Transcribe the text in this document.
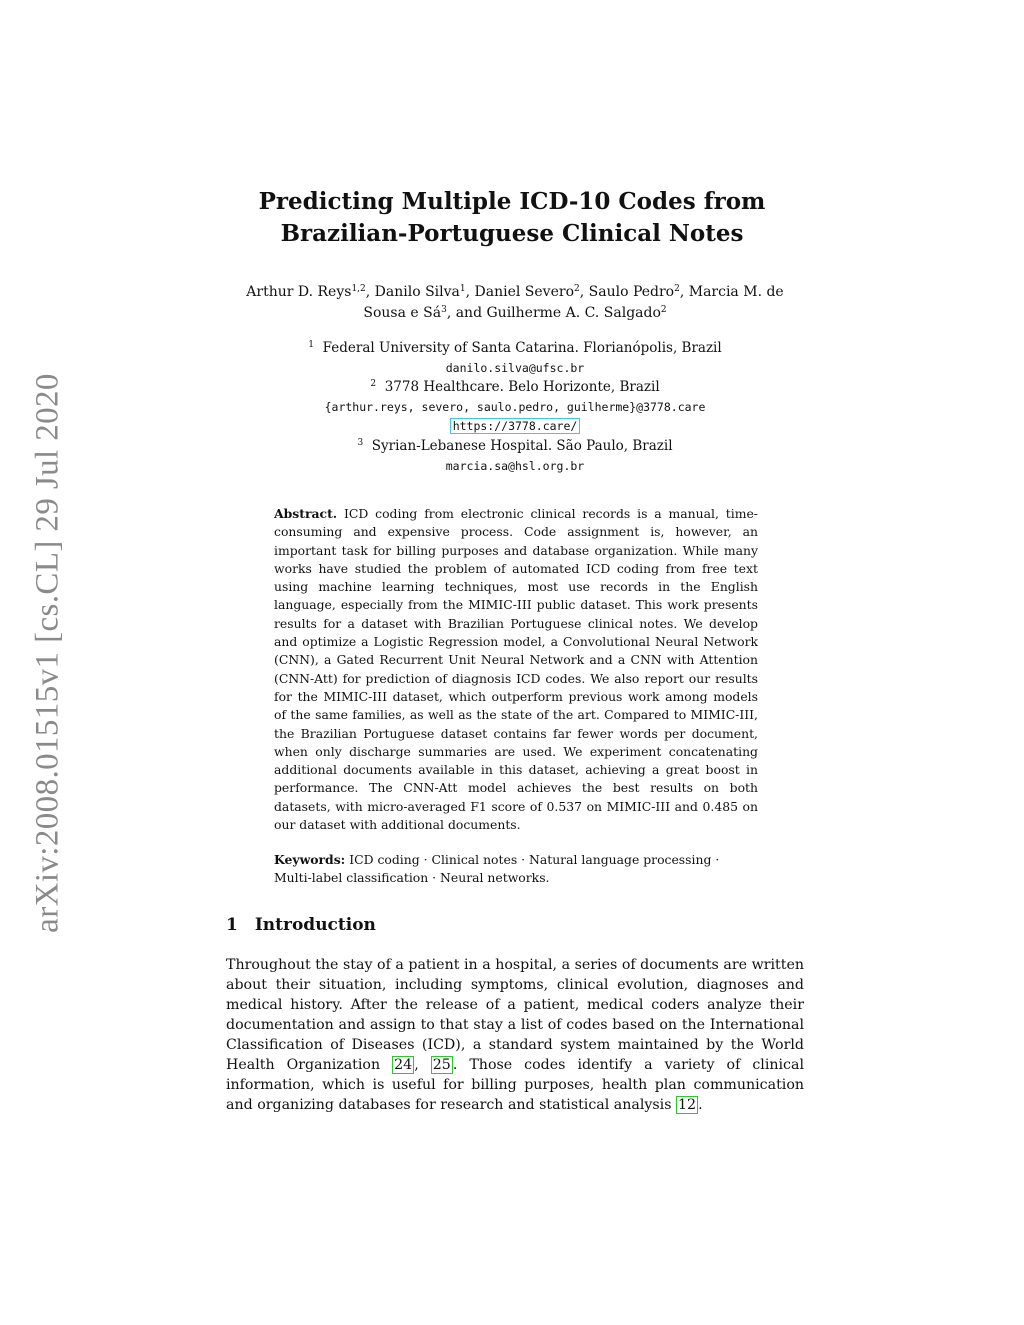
arXiv:2008.01515v1 [cs.CL] 29 Jul 2020
Predicting Multiple ICD-10 Codes from
Brazilian-Portuguese Clinical Notes
Arthur D. Reys$^{1,2}$, Danilo Silva$^1$, Daniel Severo$^2$, Saulo Pedro$^2$, Marcia M. de
Sousa e $Sá^3$, and Guilherme A. C. Salgado$^2$
$^1$ Federal University of Santa Catarina. Florianópolis, Brazil
danilo.silva@ufsc.br
$^2$ 3778 Healthcare. Belo Horizonte, Brazil
{arthur.reys, severo, saulo.pedro, guilherme}@3778.care
https://3778.care/
$^3$ Syrian-Lebanese Hospital. São Paulo, Brazil
marcia.sa@hsl.org.br

Abstract. ICD coding from electronic clinical records is a manual, time-consuming and expensive process. Code assignment is, however, an important task for billing purposes and database organization. While many works have studied the problem of automated ICD coding from free text using machine learning techniques, most use records in the English language, especially from the MIMIC-III public dataset. This work presents results for a dataset with Brazilian Portuguese clinical notes. We develop and optimize a Logistic Regression model, a Convolutional Neural Network (CNN), a Gated Recurrent Unit Neural Network and a CNN with Attention (CNN-Att) for prediction of diagnosis ICD codes. We also report our results for the MIMIC-III dataset, which outperform previous work among models of the same families, as well as the state of the art. Compared to MIMIC-III, the Brazilian Portuguese dataset contains far fewer words per document, when only discharge summaries are used. We experiment concatenating additional documents available in this dataset, achieving a great boost in performance. The CNN-Att model achieves the best results on both datasets, with micro-averaged F1 score of 0.537 on MIMIC-III and 0.485 on our dataset with additional documents.

Keywords: ICD coding · Clinical notes · Natural language processing · Multi-label classification · Neural networks.

1 Introduction

Throughout the stay of a patient in a hospital, a series of documents are written about their situation, including symptoms, clinical evolution, diagnoses and medical history. After the release of a patient, medical coders analyze their documentation and assign to that stay a list of codes based on the International Classification of Diseases (ICD), a standard system maintained by the World Health Organization 24 , 25 . Those codes identify a variety of clinical information, which is useful for billing purposes, health plan communication and organizing databases for research and statistical analysis 12 .
